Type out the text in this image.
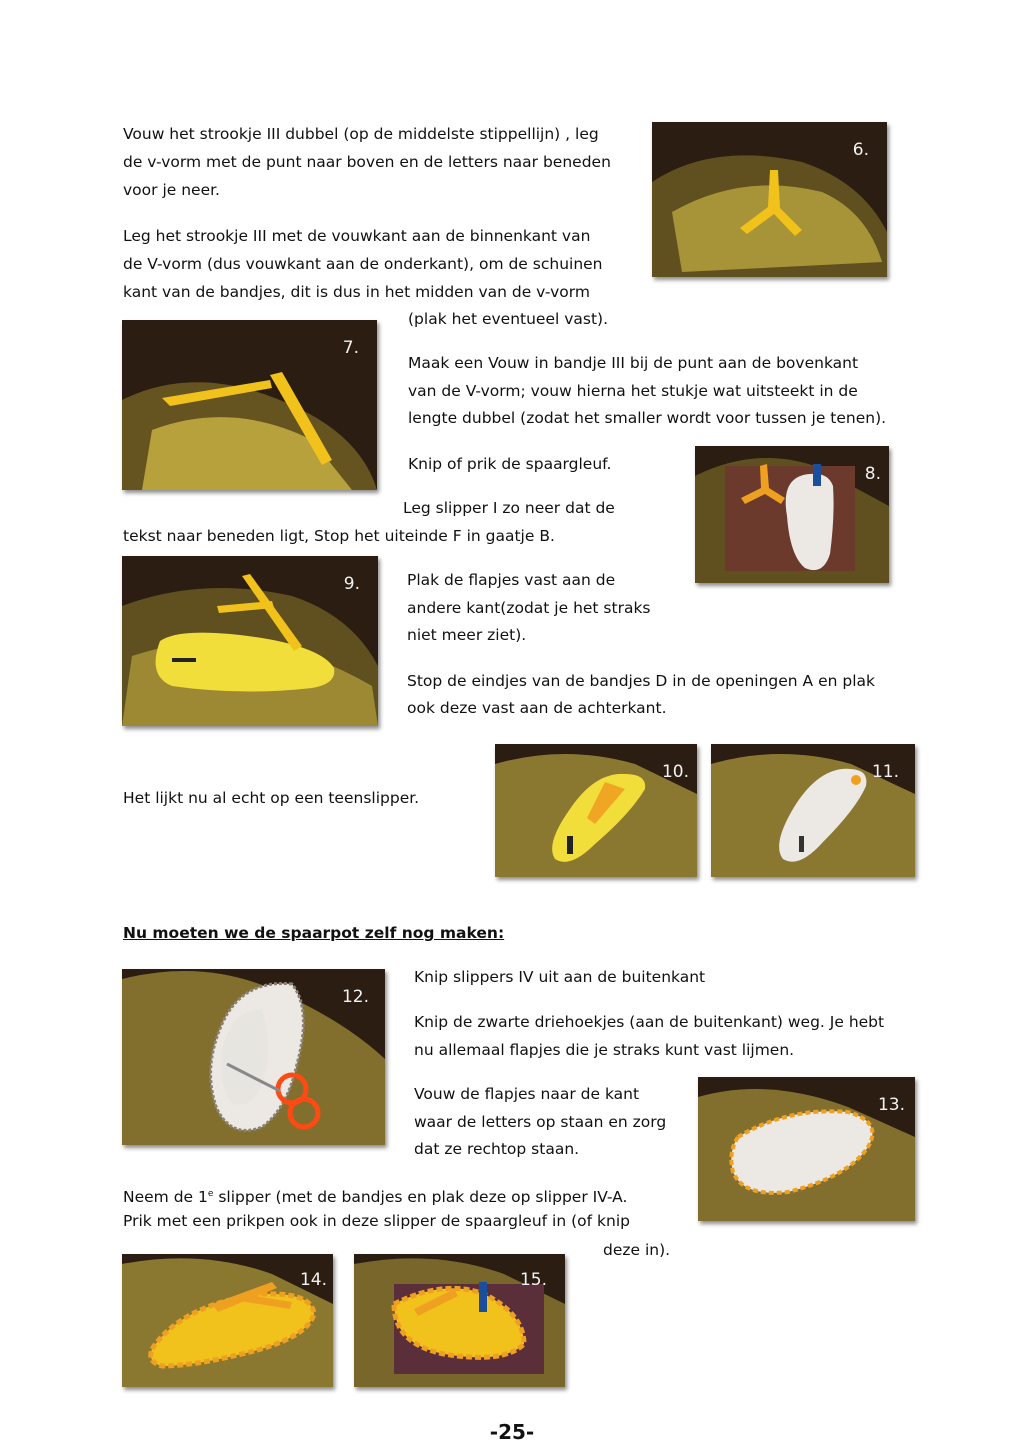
Vouw het strookje III dubbel (op de middelste stippellijn) , leg
de v-vorm met de punt naar boven en de letters naar beneden
voor je neer.
Leg het strookje III met de vouwkant aan de binnenkant van
de V-vorm (dus vouwkant aan de onderkant), om de schuinen
kant van de bandjes, dit is dus in het midden van de v-vorm
(plak het eventueel vast).
Maak een Vouw in bandje III bij de punt aan de bovenkant
van de V-vorm; vouw hierna het stukje wat uitsteekt in de
lengte dubbel (zodat het smaller wordt voor tussen je tenen).
Knip of prik de spaargleuf.
Leg slipper I zo neer dat de
tekst naar beneden ligt, Stop het uiteinde F in gaatje B.
Plak de flapjes vast aan de
andere kant(zodat je het straks
niet meer ziet).
Stop de eindjes van de bandjes D in de openingen A en plak
ook deze vast aan de achterkant.
Het lijkt nu al echt op een teenslipper.
Nu moeten we de spaarpot zelf nog maken:
Knip slippers IV uit aan de buitenkant
Knip de zwarte driehoekjes (aan de buitenkant) weg. Je hebt
nu allemaal flapjes die je straks kunt vast lijmen.
Vouw de flapjes naar de kant
waar de letters op staan en zorg
dat ze rechtop staan.
Neem de 1e slipper (met de bandjes en plak deze op slipper IV-A.
Prik met een prikpen ook in deze slipper de spaargleuf in (of knip
deze in).
6.
7.
8.
9.
10.	11.
12.
13.
14.	15.
-25-
